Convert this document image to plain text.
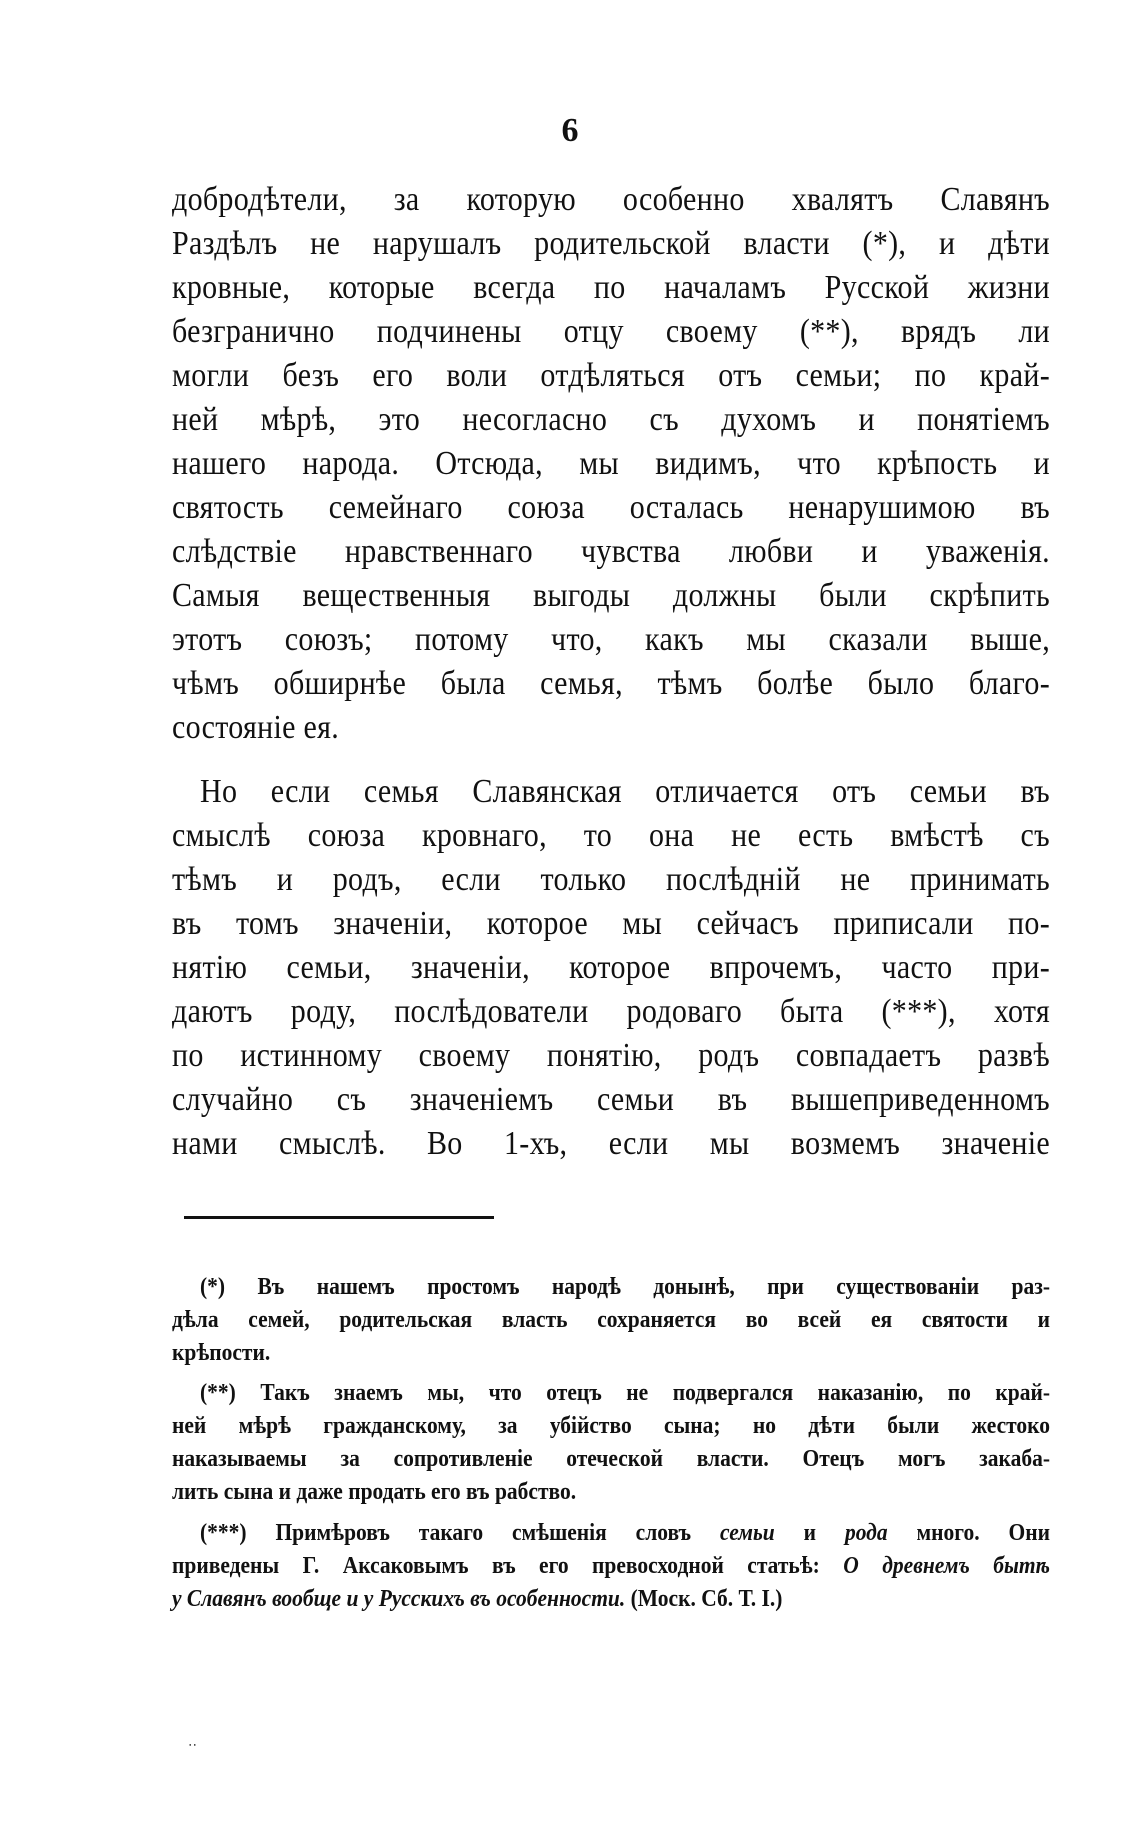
6
добродѣтели, за которую особенно хвалятъ Славянъ
Раздѣлъ не нарушалъ родительской власти (*), и дѣти
кровные, которые всегда по началамъ Русской жизни
безгранично подчинены отцу своему (**), врядъ ли
могли безъ его воли отдѣляться отъ семьи; по край-
ней мѣрѣ, это несогласно съ духомъ и понятіемъ
нашего народа. Отсюда, мы видимъ, что крѣпость и
святость семейнаго союза осталась ненарушимою въ
слѣдствіе нравственнаго чувства любви и уваженія.
Самыя вещественныя выгоды должны были скрѣпить
этотъ союзъ; потому что, какъ мы сказали выше,
чѣмъ обширнѣе была семья, тѣмъ болѣе было благо-
состояніе ея.
Но если семья Славянская отличается отъ семьи въ
смыслѣ союза кровнаго, то она не есть вмѣстѣ съ
тѣмъ и родъ, если только послѣдній не принимать
въ томъ значеніи, которое мы сейчасъ приписали по-
нятію семьи, значеніи, которое впрочемъ, часто при-
даютъ роду, послѣдователи родоваго быта (***), хотя
по истинному своему понятію, родъ совпадаетъ развѣ
случайно съ значеніемъ семьи въ вышеприведенномъ
нами смыслѣ. Во 1-хъ, если мы возмемъ значеніе
(*) Въ нашемъ простомъ народѣ донынѣ, при существованіи раз-
дѣла семей, родительская власть сохраняется во всей ея святости и
крѣпости.
(**) Такъ знаемъ мы, что отецъ не подвергался наказанію, по край-
ней мѣрѣ гражданскому, за убійство сына; но дѣти были жестоко
наказываемы за сопротивленіе отеческой власти. Отецъ могъ закаба-
лить сына и даже продать его въ рабство.
(***) Примѣровъ такаго смѣшенія словъ семьи и рода много. Они
приведены Г. Аксаковымъ въ его превосходной статьѣ: О древнемъ бытѣ
у Славянъ вообще и у Русскихъ въ особенности. (Моск. Сб. Т. I.)
‧‧
